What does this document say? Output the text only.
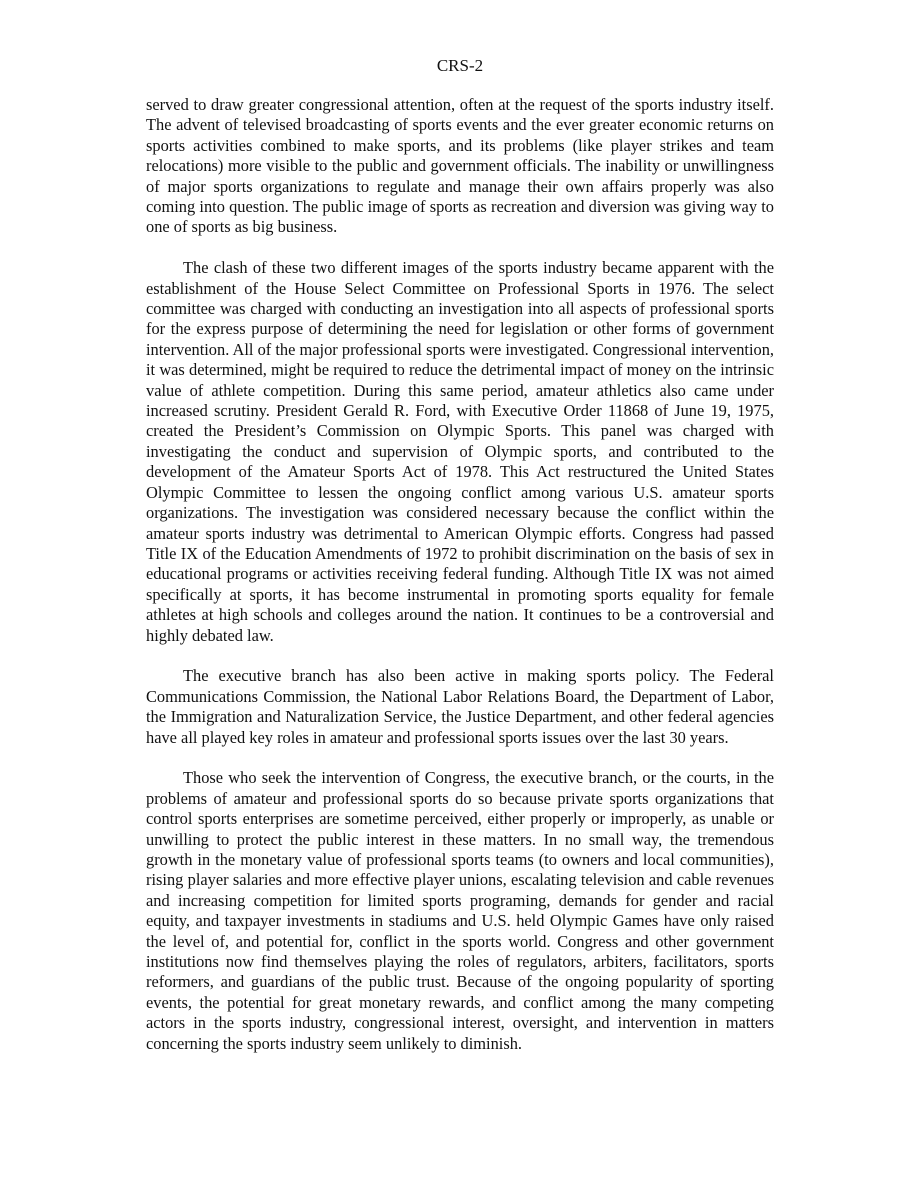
CRS-2

served to draw greater congressional attention, often at the request of the sports industry itself. The advent of televised broadcasting of sports events and the ever greater economic returns on sports activities combined to make sports, and its problems (like player strikes and team relocations) more visible to the public and government officials. The inability or unwillingness of major sports organizations to regulate and manage their own affairs properly was also coming into question. The public image of sports as recreation and diversion was giving way to one of sports as big business.

The clash of these two different images of the sports industry became apparent with the establishment of the House Select Committee on Professional Sports in 1976. The select committee was charged with conducting an investigation into all aspects of professional sports for the express purpose of determining the need for legislation or other forms of government intervention. All of the major professional sports were investigated. Congressional intervention, it was determined, might be required to reduce the detrimental impact of money on the intrinsic value of athlete competition. During this same period, amateur athletics also came under increased scrutiny. President Gerald R. Ford, with Executive Order 11868 of June 19, 1975, created the President’s Commission on Olympic Sports. This panel was charged with investigating the conduct and supervision of Olympic sports, and contributed to the development of the Amateur Sports Act of 1978. This Act restructured the United States Olympic Committee to lessen the ongoing conflict among various U.S. amateur sports organizations. The investigation was considered necessary because the conflict within the amateur sports industry was detrimental to American Olympic efforts. Congress had passed Title IX of the Education Amendments of 1972 to prohibit discrimination on the basis of sex in educational programs or activities receiving federal funding. Although Title IX was not aimed specifically at sports, it has become instrumental in promoting sports equality for female athletes at high schools and colleges around the nation. It continues to be a controversial and highly debated law.

The executive branch has also been active in making sports policy. The Federal Communications Commission, the National Labor Relations Board, the Department of Labor, the Immigration and Naturalization Service, the Justice Department, and other federal agencies have all played key roles in amateur and professional sports issues over the last 30 years.

Those who seek the intervention of Congress, the executive branch, or the courts, in the problems of amateur and professional sports do so because private sports organizations that control sports enterprises are sometime perceived, either properly or improperly, as unable or unwilling to protect the public interest in these matters. In no small way, the tremendous growth in the monetary value of professional sports teams (to owners and local communities), rising player salaries and more effective player unions, escalating television and cable revenues and increasing competition for limited sports programing, demands for gender and racial equity, and taxpayer investments in stadiums and U.S. held Olympic Games have only raised the level of, and potential for, conflict in the sports world. Congress and other government institutions now find themselves playing the roles of regulators, arbiters, facilitators, sports reformers, and guardians of the public trust. Because of the ongoing popularity of sporting events, the potential for great monetary rewards, and conflict among the many competing actors in the sports industry, congressional interest, oversight, and intervention in matters concerning the sports industry seem unlikely to diminish.
